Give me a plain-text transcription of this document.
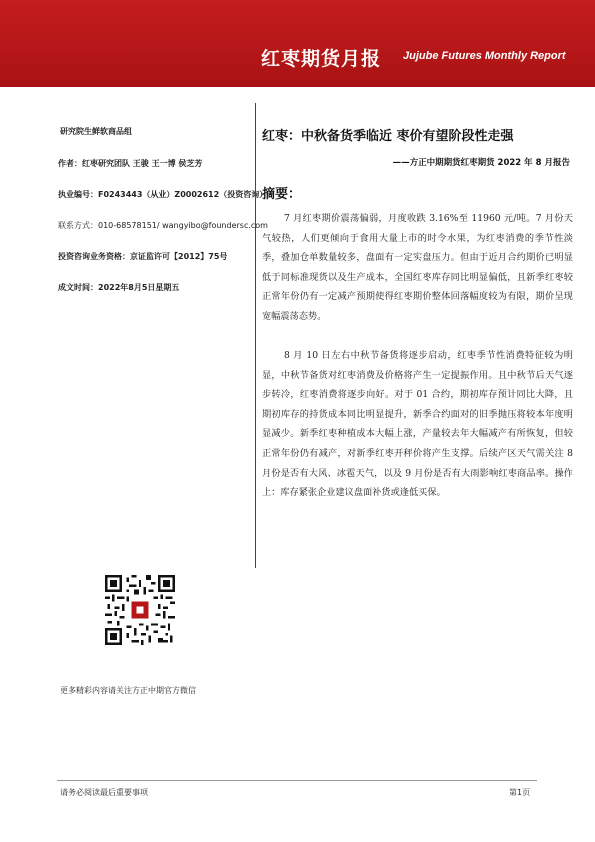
红枣期货月报 Jujube Futures Monthly Report
研究院生鲜软商品组
作者：红枣研究团队 王骏 王一博 侯芝芳
执业编号：F0243443（从业）Z0002612（投资咨询）
联系方式：010-68578151/ wangyibo@foundersc.com
投资咨询业务资格：京证监许可【2012】75号
成文时间：2022年8月5日星期五
红枣：中秋备货季临近 枣价有望阶段性走强
——方正中期期货红枣期货 2022 年 8 月报告
摘要：
7 月红枣期价震荡偏弱，月度收跌 3.16%至 11960 元/吨。7 月份天气较热，人们更倾向于食用大量上市的时令水果，为红枣消费的季节性淡季，叠加仓单数量较多，盘面有一定实盘压力。但由于近月合约期价已明显低于同标准现货以及生产成本，全国红枣库存同比明显偏低，且新季红枣较正常年份仍有一定减产预期使得红枣期价整体回落幅度较为有限，期价呈现宽幅震荡态势。
8 月 10 日左右中秋节备货将逐步启动，红枣季节性消费特征较为明显，中秋节备货对红枣消费及价格将产生一定提振作用。且中秋节后天气逐步转冷，红枣消费将逐步向好。对于 01 合约，期初库存预计同比大降，且期初库存的持货成本同比明显提升，新季合约面对的旧季抛压将较本年度明显减少。新季红枣种植成本大幅上涨，产量较去年大幅减产有所恢复，但较正常年份仍有减产，对新季红枣开秤价将产生支撑。后续产区天气需关注 8 月份是否有大风、冰雹天气，以及 9 月份是否有大雨影响红枣商品率。操作上：库存紧张企业建议盘面补货或逢低买保。
更多精彩内容请关注方正中期官方微信
请务必阅读最后重要事项	第1页
